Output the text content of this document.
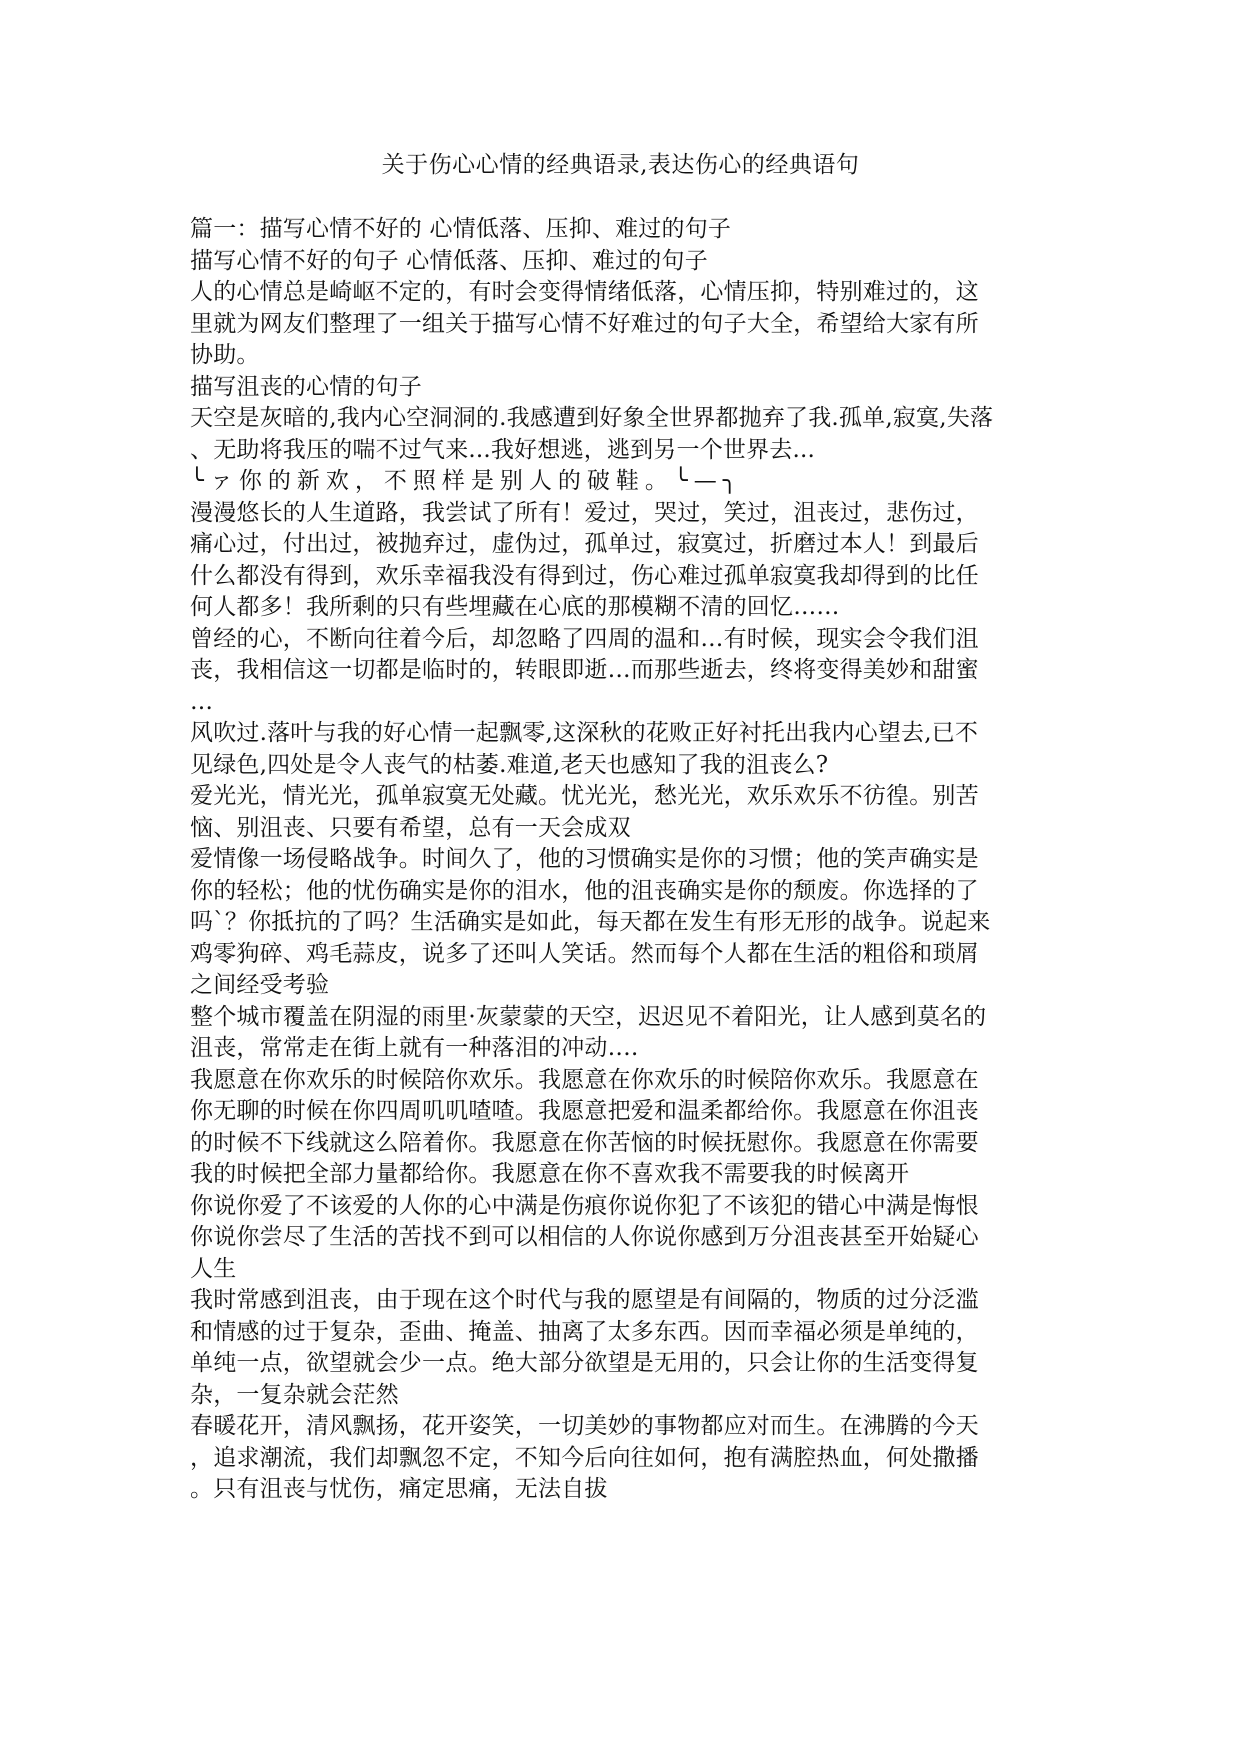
关于伤心心情的经典语录,表达伤心的经典语句
篇一：描写心情不好的 心情低落、压抑、难过的句子
描写心情不好的句子 心情低落、压抑、难过的句子
人的心情总是崎岖不定的，有时会变得情绪低落，心情压抑，特别难过的，这
里就为网友们整理了一组关于描写心情不好难过的句子大全，希望给大家有所
协助。
描写沮丧的心情的句子
天空是灰暗的,我内心空洞洞的.我感遭到好象全世界都抛弃了我.孤单,寂寞,失落
、无助将我压的喘不过气来...我好想逃，逃到另一个世界去...
╰ァ你的新欢，不照样是别人的破鞋。╰—╮
漫漫悠长的人生道路，我尝试了所有！爱过，哭过，笑过，沮丧过，悲伤过，
痛心过，付出过，被抛弃过，虚伪过，孤单过，寂寞过，折磨过本人！到最后
什么都没有得到，欢乐幸福我没有得到过，伤心难过孤单寂寞我却得到的比任
何人都多！我所剩的只有些埋藏在心底的那模糊不清的回忆……
曾经的心，不断向往着今后，却忽略了四周的温和…有时候，现实会令我们沮
丧，我相信这一切都是临时的，转眼即逝…而那些逝去，终将变得美妙和甜蜜
…
风吹过.落叶与我的好心情一起飘零,这深秋的花败正好衬托出我内心望去,已不
见绿色,四处是令人丧气的枯萎.难道,老天也感知了我的沮丧么?
爱光光，情光光，孤单寂寞无处藏。忧光光，愁光光，欢乐欢乐不彷徨。别苦
恼、别沮丧、只要有希望，总有一天会成双
爱情像一场侵略战争。时间久了，他的习惯确实是你的习惯；他的笑声确实是
你的轻松；他的忧伤确实是你的泪水，他的沮丧确实是你的颓废。你选择的了
吗`？你抵抗的了吗？生活确实是如此，每天都在发生有形无形的战争。说起来
鸡零狗碎、鸡毛蒜皮，说多了还叫人笑话。然而每个人都在生活的粗俗和琐屑
之间经受考验
整个城市覆盖在阴湿的雨里·灰蒙蒙的天空，迟迟见不着阳光，让人感到莫名的
沮丧，常常走在街上就有一种落泪的冲动‥‥
我愿意在你欢乐的时候陪你欢乐。我愿意在你欢乐的时候陪你欢乐。我愿意在
你无聊的时候在你四周叽叽喳喳。我愿意把爱和温柔都给你。我愿意在你沮丧
的时候不下线就这么陪着你。我愿意在你苦恼的时候抚慰你。我愿意在你需要
我的时候把全部力量都给你。我愿意在你不喜欢我不需要我的时候离开
你说你爱了不该爱的人你的心中满是伤痕你说你犯了不该犯的错心中满是悔恨
你说你尝尽了生活的苦找不到可以相信的人你说你感到万分沮丧甚至开始疑心
人生
我时常感到沮丧，由于现在这个时代与我的愿望是有间隔的，物质的过分泛滥
和情感的过于复杂，歪曲、掩盖、抽离了太多东西。因而幸福必须是单纯的，
单纯一点，欲望就会少一点。绝大部分欲望是无用的，只会让你的生活变得复
杂，一复杂就会茫然
春暖花开，清风飘扬，花开姿笑，一切美妙的事物都应对而生。在沸腾的今天
，追求潮流，我们却飘忽不定，不知今后向往如何，抱有满腔热血，何处撒播
。只有沮丧与忧伤，痛定思痛，无法自拔
